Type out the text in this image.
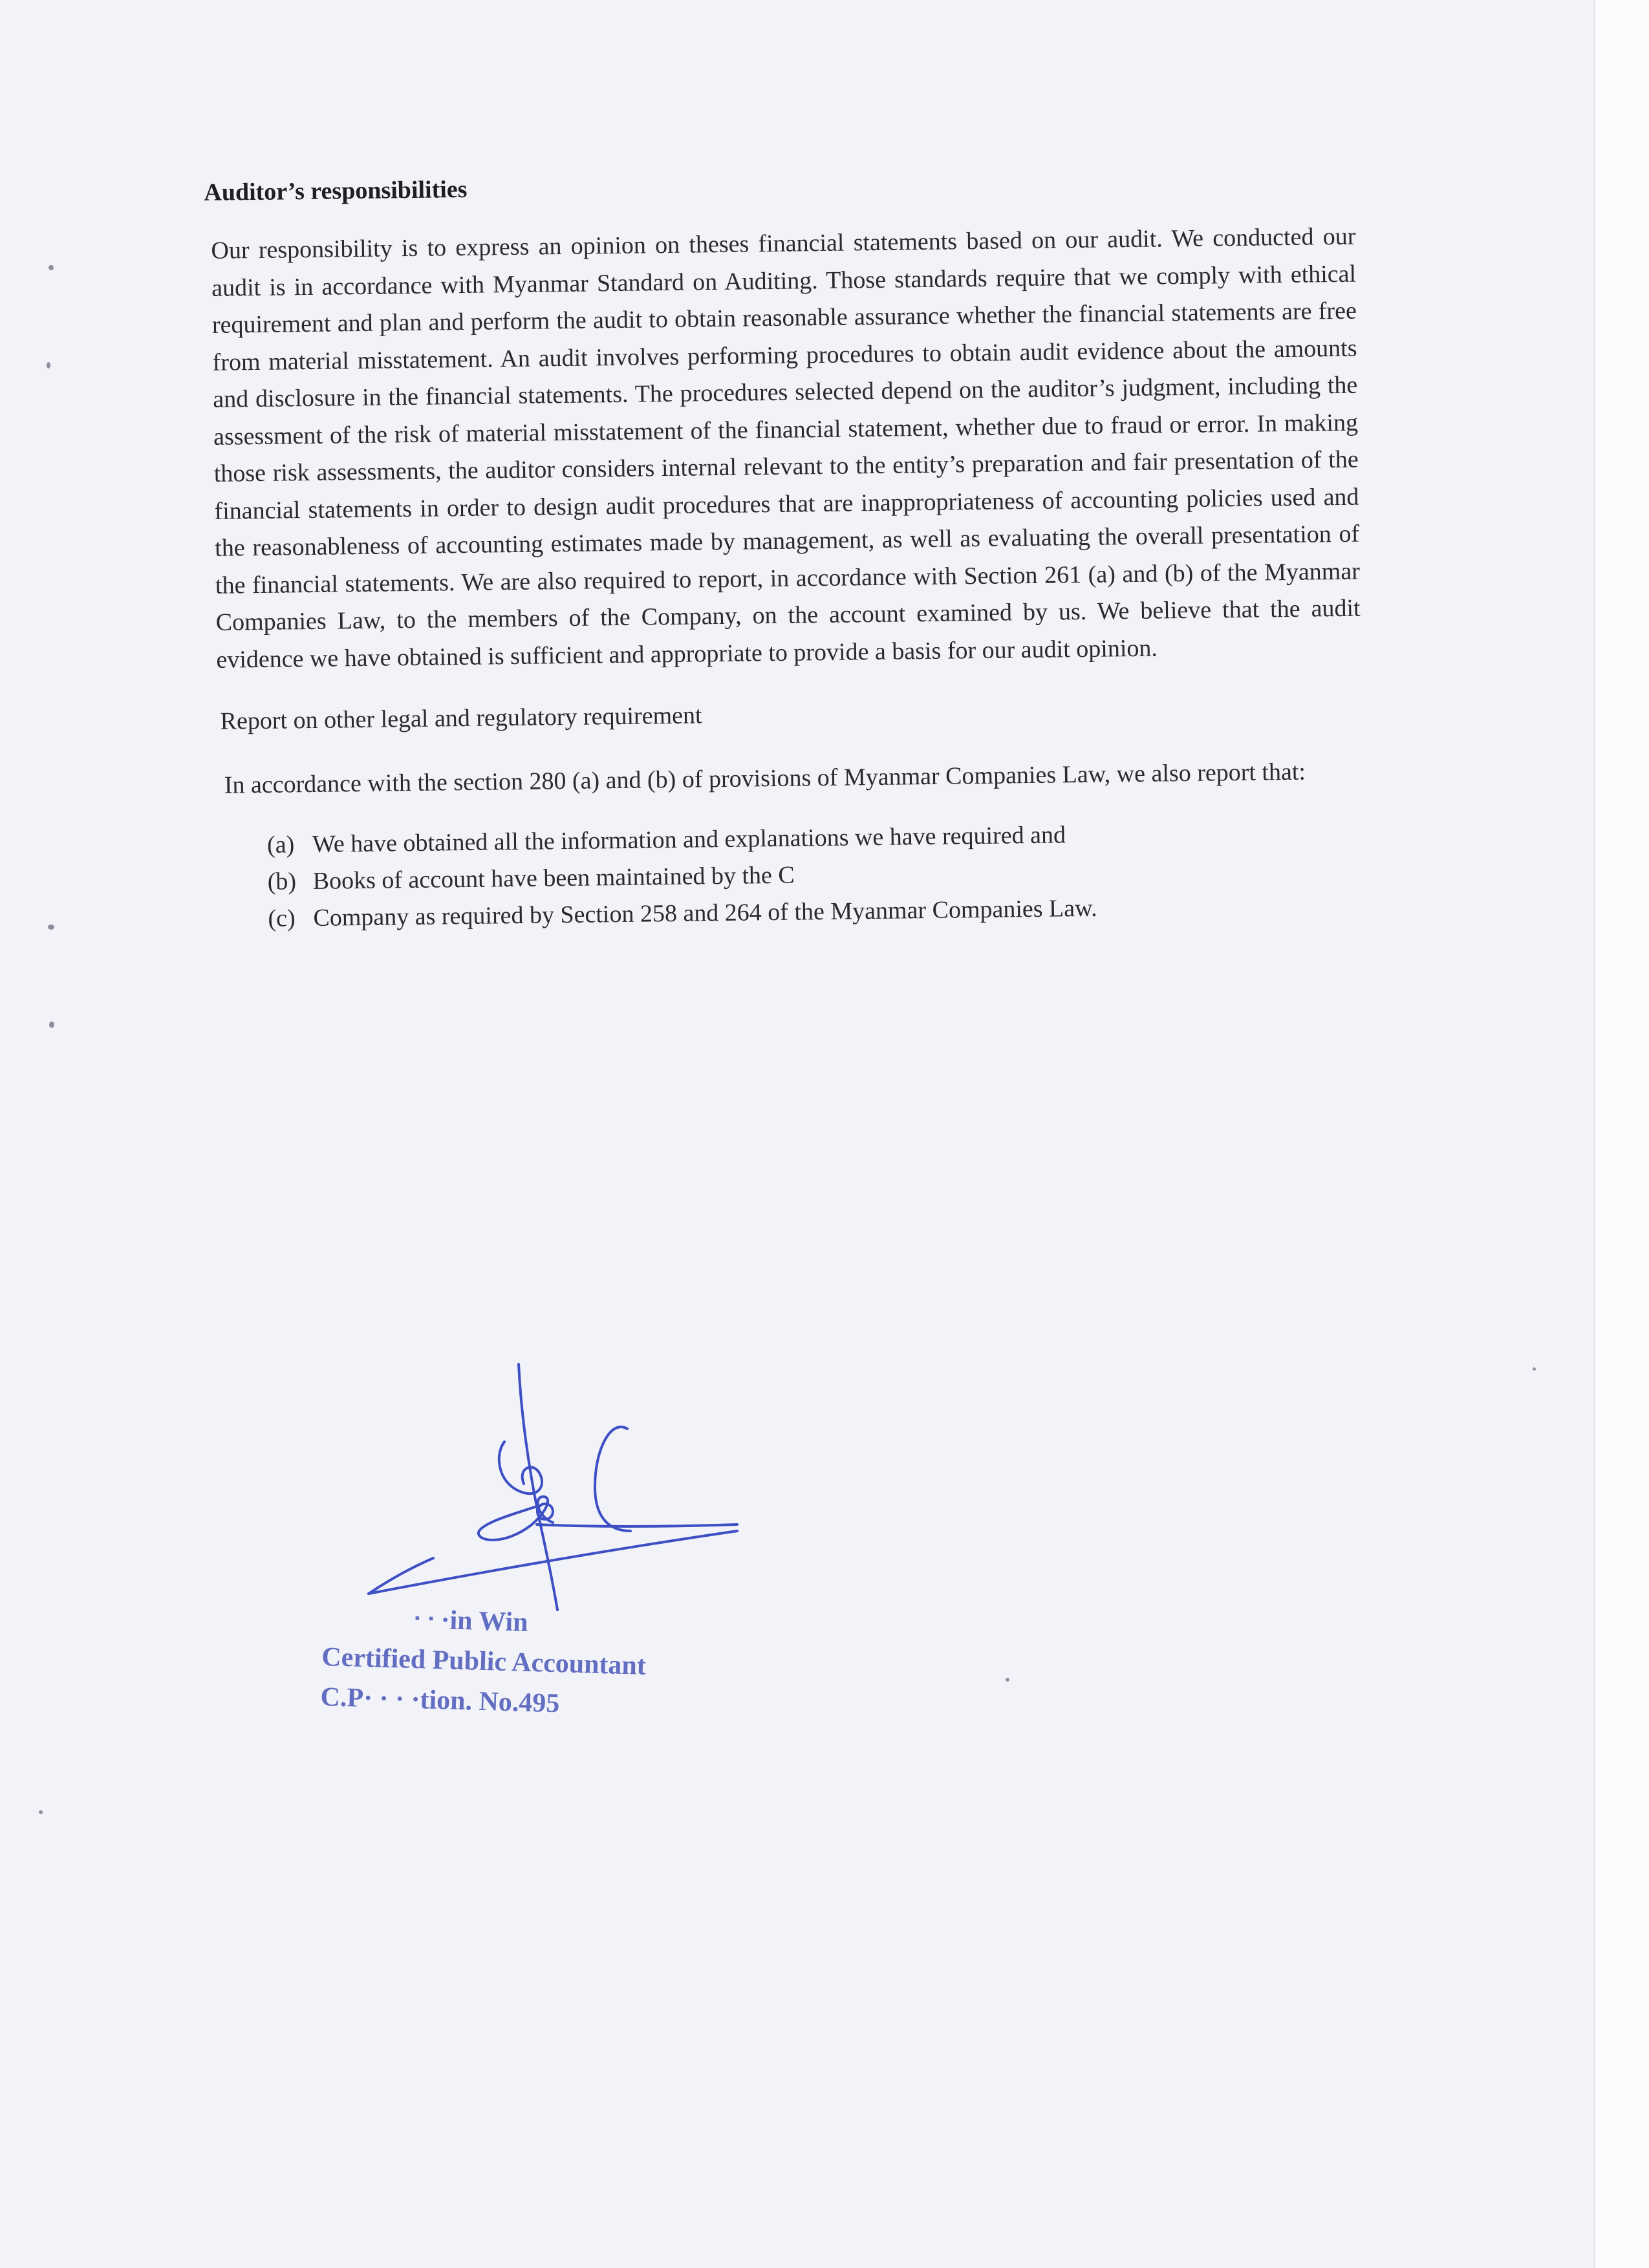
Auditor’s responsibilities

Our responsibility is to express an opinion on theses financial statements based on our audit. We conducted our audit is in accordance with Myanmar Standard on Auditing. Those standards require that we comply with ethical requirement and plan and perform the audit to obtain reasonable assurance whether the financial statements are free from material misstatement. An audit involves performing procedures to obtain audit evidence about the amounts and disclosure in the financial statements. The procedures selected depend on the auditor’s judgment, including the assessment of the risk of material misstatement of the financial statement, whether due to fraud or error. In making those risk assessments, the auditor considers internal relevant to the entity’s preparation and fair presentation of the financial statements in order to design audit procedures that are inappropriateness of accounting policies used and the reasonableness of accounting estimates made by management, as well as evaluating the overall presentation of the financial statements. We are also required to report, in accordance with Section 261 (a) and (b) of the Myanmar Companies Law, to the members of the Company, on the account examined by us. We believe that the audit evidence we have obtained is sufficient and appropriate to provide a basis for our audit opinion.

Report on other legal and regulatory requirement

In accordance with the section 280 (a) and (b) of provisions of Myanmar Companies Law, we also report that:

(a) We have obtained all the information and explanations we have required and
(b) Books of account have been maintained by the C
(c) Company as required by Section 258 and 264 of the Myanmar Companies Law.
ᐧ ᐧ ·in Win
Certified Public Accountant
C.P· · · ·tion. No.495
